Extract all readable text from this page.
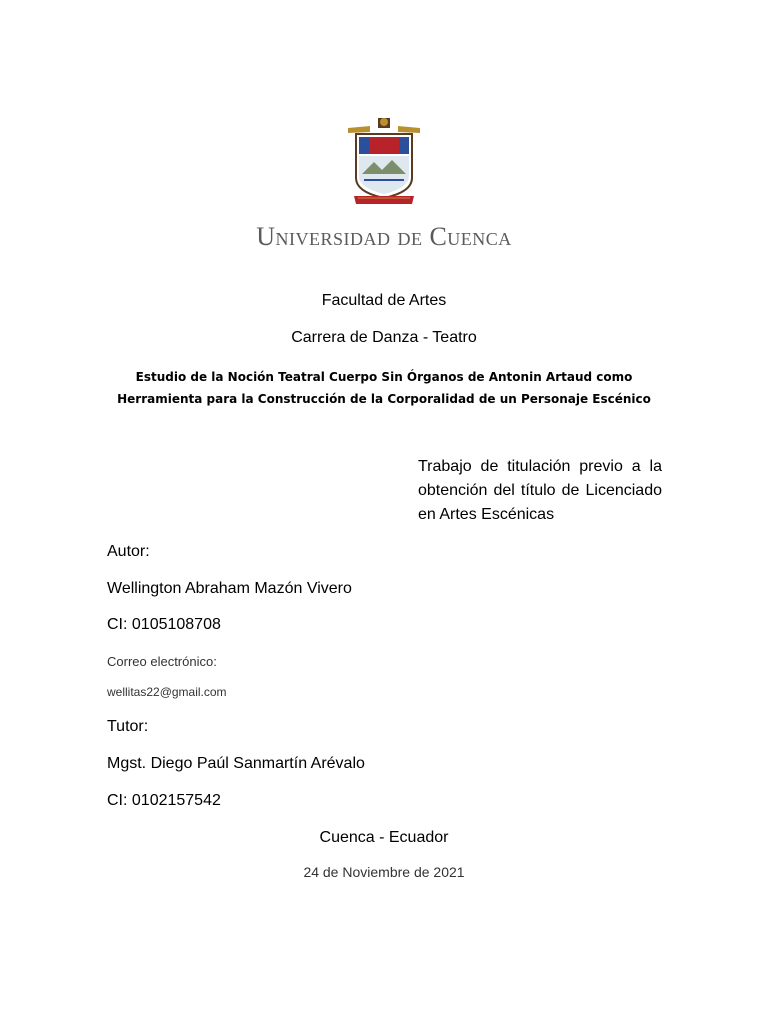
Universidad de Cuenca
Facultad de Artes
Carrera de Danza - Teatro
Estudio de la Noción Teatral Cuerpo Sin Órganos de Antonin Artaud como Herramienta para la Construcción de la Corporalidad de un Personaje Escénico
Trabajo de titulación previo a la obtención del título de Licenciado en Artes Escénicas
Autor:
Wellington Abraham Mazón Vivero
CI: 0105108708
Correo electrónico:
wellitas22@gmail.com
Tutor:
Mgst. Diego Paúl Sanmartín Arévalo
CI: 0102157542
Cuenca - Ecuador
24 de Noviembre de 2021
